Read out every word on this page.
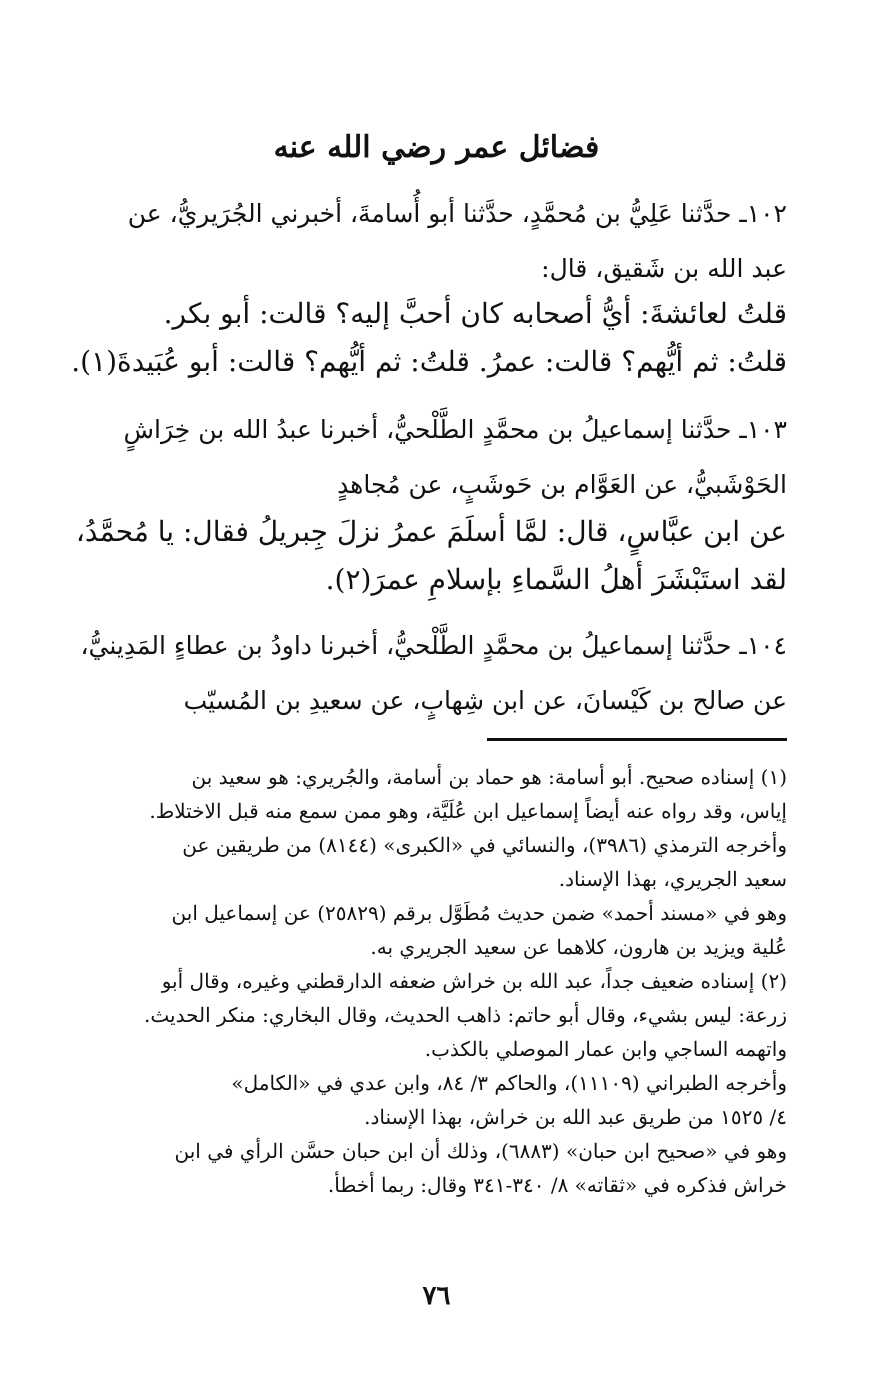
فضائل عمر رضي الله عنه
١٠٢ـ حدَّثنا عَلِيُّ بن مُحمَّدٍ، حدَّثنا أبو أُسامةَ، أخبرني الجُرَيريُّ، عن
عبد الله بن شَقيق، قال:
قلتُ لعائشةَ: أيُّ أصحابه كان أحبَّ إليه؟ قالت: أبو بكر.
قلتُ: ثم أيُّهم؟ قالت: عمرُ. قلتُ: ثم أيُّهم؟ قالت: أبو عُبَيدةَ(١).
١٠٣ـ حدَّثنا إسماعيلُ بن محمَّدٍ الطَّلْحيُّ، أخبرنا عبدُ الله بن خِرَاشٍ
الحَوْشَبيُّ، عن العَوَّام بن حَوشَبٍ، عن مُجاهدٍ
عن ابن عبَّاسٍ، قال: لمَّا أسلَمَ عمرُ نزلَ جِبريلُ فقال: يا مُحمَّدُ،
لقد استَبْشَرَ أهلُ السَّماءِ بإسلامِ عمرَ(٢).
١٠٤ـ حدَّثنا إسماعيلُ بن محمَّدٍ الطَّلْحيُّ، أخبرنا داودُ بن عطاءٍ المَدِينيُّ،
عن صالح بن كَيْسانَ، عن ابن شِهابٍ، عن سعيدِ بن المُسيّب
(١) إسناده صحيح. أبو أسامة: هو حماد بن أسامة، والجُريري: هو سعيد بن
إياس، وقد رواه عنه أيضاً إسماعيل ابن عُلَيَّة، وهو ممن سمع منه قبل الاختلاط.
وأخرجه الترمذي (٣٩٨٦)، والنسائي في «الكبرى» (٨١٤٤) من طريقين عن
سعيد الجريري، بهذا الإسناد.
وهو في «مسند أحمد» ضمن حديث مُطَوَّل برقم (٢٥٨٢٩) عن إسماعيل ابن
عُلية ويزيد بن هارون، كلاهما عن سعيد الجريري به.
(٢) إسناده ضعيف جداً، عبد الله بن خراش ضعفه الدارقطني وغيره، وقال أبو
زرعة: ليس بشيء، وقال أبو حاتم: ذاهب الحديث، وقال البخاري: منكر الحديث.
واتهمه الساجي وابن عمار الموصلي بالكذب.
وأخرجه الطبراني (١١١٠٩)، والحاكم ٣/ ٨٤، وابن عدي في «الكامل»
٤/ ١٥٢٥ من طريق عبد الله بن خراش، بهذا الإسناد.
وهو في «صحيح ابن حبان» (٦٨٨٣)، وذلك أن ابن حبان حسَّن الرأي في ابن
خراش فذكره في «ثقاته» ٨/ ٣٤٠-٣٤١ وقال: ربما أخطأ.
٧٦
